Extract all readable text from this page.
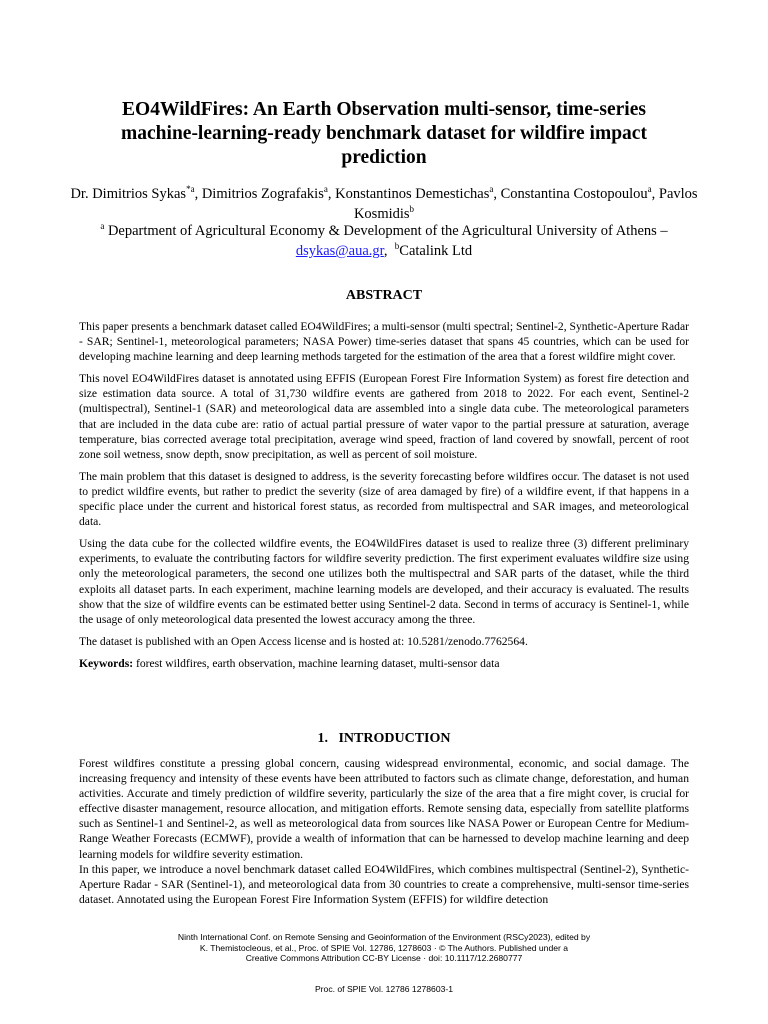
EO4WildFires: An Earth Observation multi-sensor, time-series machine-learning-ready benchmark dataset for wildfire impact prediction
Dr. Dimitrios Sykas$^{*a}$, Dimitrios Zografakis$^a$, Konstantinos Demestichas$^a$, Constantina Costopoulou$^a$, Pavlos Kosmidis$^b$
$^a$ Department of Agricultural Economy & Development of the Agricultural University of Athens – dsykas@aua.gr,  $^b$Catalink Ltd
ABSTRACT

This paper presents a benchmark dataset called EO4WildFires; a multi-sensor (multi spectral; Sentinel-2, Synthetic-Aperture Radar - SAR; Sentinel-1, meteorological parameters; NASA Power) time-series dataset that spans 45 countries, which can be used for developing machine learning and deep learning methods targeted for the estimation of the area that a forest wildfire might cover.

This novel EO4WildFires dataset is annotated using EFFIS (European Forest Fire Information System) as forest fire detection and size estimation data source. A total of 31,730 wildfire events are gathered from 2018 to 2022. For each event, Sentinel-2 (multispectral), Sentinel-1 (SAR) and meteorological data are assembled into a single data cube. The meteorological parameters that are included in the data cube are: ratio of actual partial pressure of water vapor to the partial pressure at saturation, average temperature, bias corrected average total precipitation, average wind speed, fraction of land covered by snowfall, percent of root zone soil wetness, snow depth, snow precipitation, as well as percent of soil moisture.

The main problem that this dataset is designed to address, is the severity forecasting before wildfires occur. The dataset is not used to predict wildfire events, but rather to predict the severity (size of area damaged by fire) of a wildfire event, if that happens in a specific place under the current and historical forest status, as recorded from multispectral and SAR images, and meteorological data.

Using the data cube for the collected wildfire events, the EO4WildFires dataset is used to realize three (3) different preliminary experiments, to evaluate the contributing factors for wildfire severity prediction. The first experiment evaluates wildfire size using only the meteorological parameters, the second one utilizes both the multispectral and SAR parts of the dataset, while the third exploits all dataset parts. In each experiment, machine learning models are developed, and their accuracy is evaluated. The results show that the size of wildfire events can be estimated better using Sentinel-2 data. Second in terms of accuracy is Sentinel-1, while the usage of only meteorological data presented the lowest accuracy among the three.

The dataset is published with an Open Access license and is hosted at: 10.5281/zenodo.7762564.

Keywords: forest wildfires, earth observation, machine learning dataset, multi-sensor data

1.   INTRODUCTION

Forest wildfires constitute a pressing global concern, causing widespread environmental, economic, and social damage. The increasing frequency and intensity of these events have been attributed to factors such as climate change, deforestation, and human activities. Accurate and timely prediction of wildfire severity, particularly the size of the area that a fire might cover, is crucial for effective disaster management, resource allocation, and mitigation efforts. Remote sensing data, especially from satellite platforms such as Sentinel-1 and Sentinel-2, as well as meteorological data from sources like NASA Power or European Centre for Medium-Range Weather Forecasts (ECMWF), provide a wealth of information that can be harnessed to develop machine learning and deep learning models for wildfire severity estimation.

In this paper, we introduce a novel benchmark dataset called EO4WildFires, which combines multispectral (Sentinel-2), Synthetic-Aperture Radar - SAR (Sentinel-1), and meteorological data from 30 countries to create a comprehensive, multi-sensor time-series dataset. Annotated using the European Forest Fire Information System (EFFIS) for wildfire detection

Ninth International Conf. on Remote Sensing and Geoinformation of the Environment (RSCy2023), edited by
K. Themistocleous, et al., Proc. of SPIE Vol. 12786, 1278603 · © The Authors. Published under a
Creative Commons Attribution CC-BY License · doi: 10.1117/12.2680777
Proc. of SPIE Vol. 12786 1278603-1
